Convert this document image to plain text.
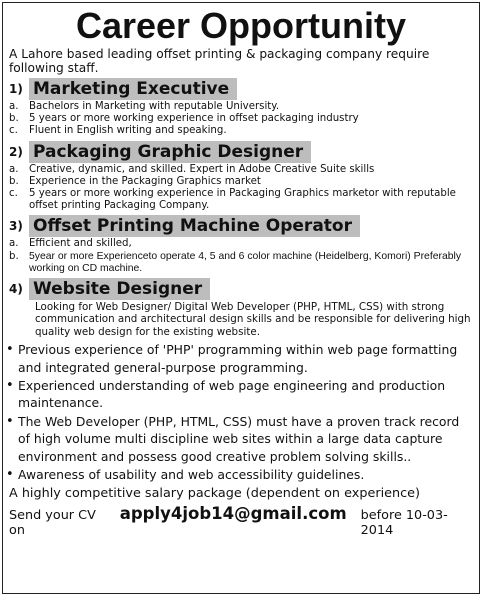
Career Opportunity
A Lahore based leading offset printing & packaging company require following staff.
1) Marketing Executive
a.	Bachelors in Marketing with reputable University.
b.	5 years or more working experience in offset packaging industry
c.	Fluent in English writing and speaking.
2) Packaging Graphic Designer
a.	Creative, dynamic, and skilled. Expert in Adobe Creative Suite skills
b.	Experience in the Packaging Graphics market
c.	5 years or more working experience in Packaging Graphics marketor with reputable offset printing Packaging Company.
3) Offset Printing Machine Operator
a.	Efficient and skilled,
b. 5year or more Experienceto operate 4, 5 and 6 color machine (Heidelberg, Komori) Preferably working on CD machine.
4) Website Designer
Looking for Web Designer/ Digital Web Developer (PHP, HTML, CSS) with strong communication and architectural design skills and be responsible for delivering high quality web design for the existing website.
• Previous experience of 'PHP' programming within web page formatting and integrated general-purpose programming.
• Experienced understanding of web page engineering and production maintenance.
• The Web Developer (PHP, HTML, CSS) must have a proven track record of high volume multi discipline web sites within a large data capture environment and possess good creative problem solving skills..
• Awareness of usability and web accessibility guidelines.
A highly competitive salary package (dependent on experience)
Send your CV on
apply4job14@gmail.com before 10-03-2014
